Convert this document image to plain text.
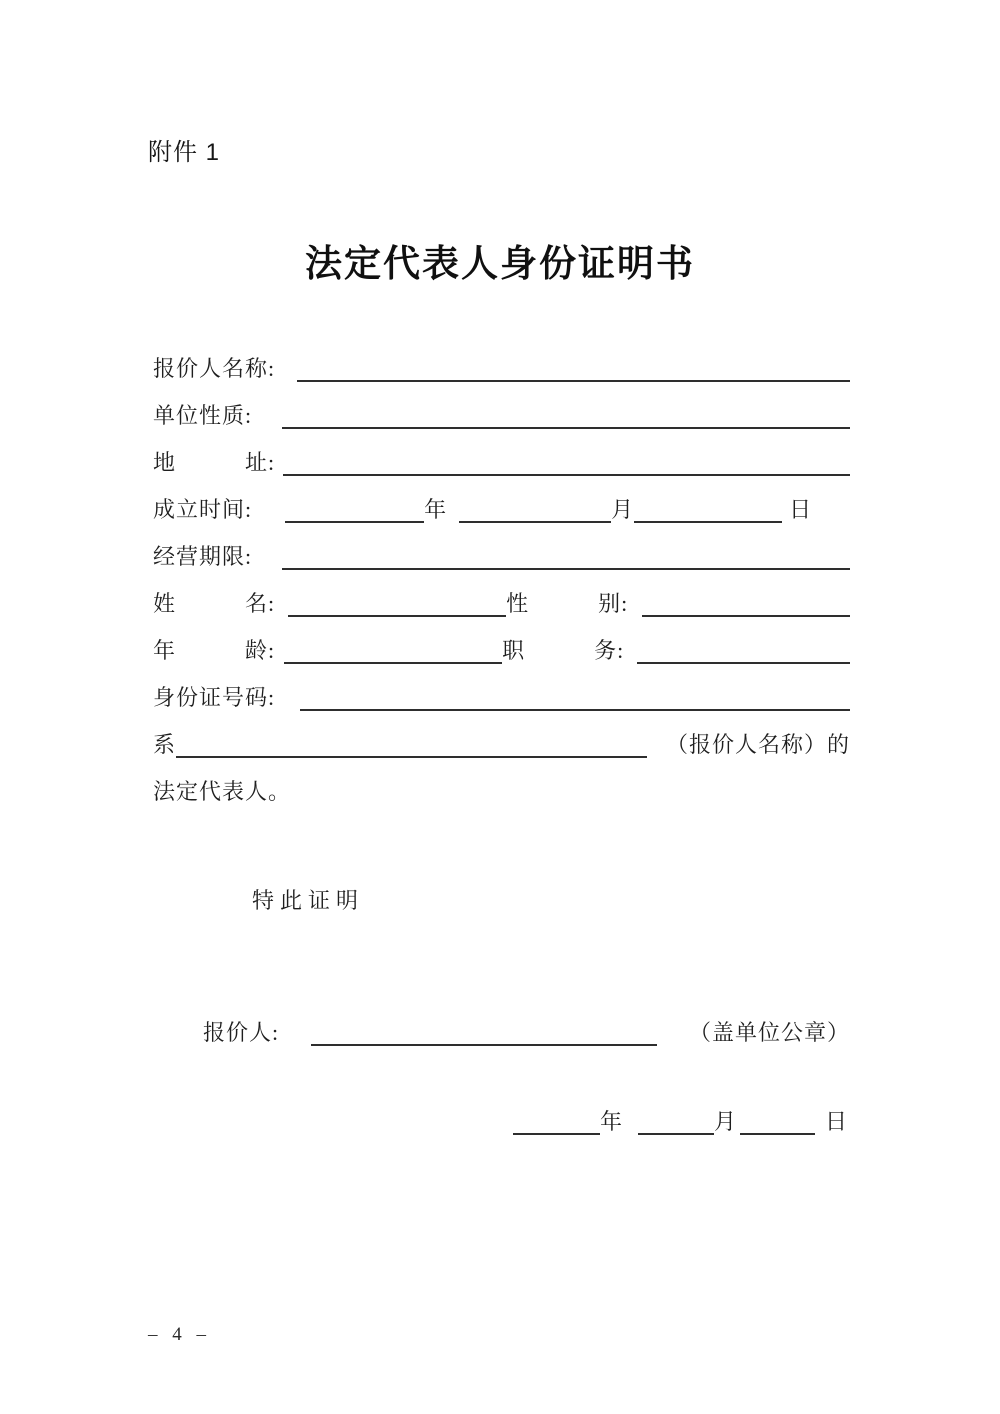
附件 1
法定代表人身份证明书
报价人名称:
单位性质:
地　　　址:
成立时间:	年	月	日
经营期限:
姓　　　名:	性　　　别:
年　　　龄:	职　　　务:
身份证号码:
系	（报价人名称）的
法定代表人。
特此证明
报价人:	（盖单位公章）
年	月	日
– 4 –
